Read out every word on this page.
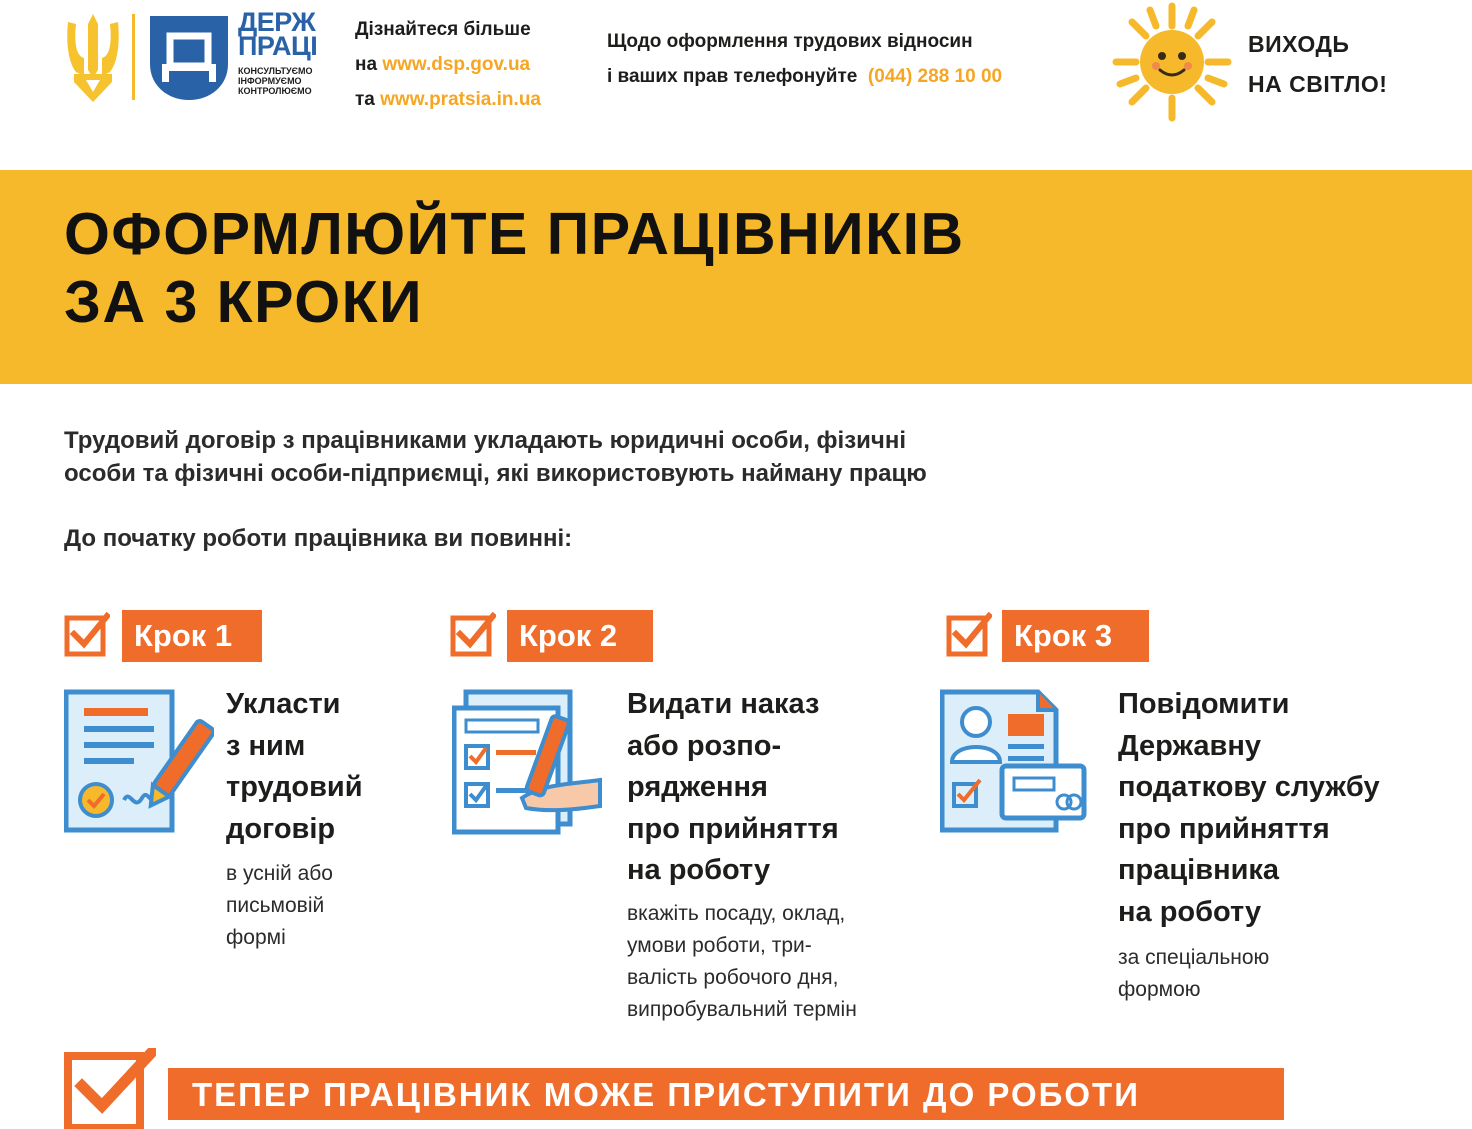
ДЕРЖ
ПРАЦІ
КОНСУЛЬТУЄМО
ІНФОРМУЄМО
КОНТРОЛЮЄМО
Дізнайтеся більше
на www.dsp.gov.ua
та www.pratsia.in.ua
Щодо оформлення трудових відносин
і ваших прав телефонуйте (044) 288 10 00
ВИХОДЬ
НА СВІТЛО!
ОФОРМЛЮЙТЕ ПРАЦІВНИКІВ
ЗА 3 КРОКИ
Трудовий договір з працівниками укладають юридичні особи, фізичні
особи та фізичні особи-підприємці, які використовують найману працю
До початку роботи працівника ви повинні:
Крок 1
Укласти
з ним
трудовий
договір
в усній або
письмовій
формі
Крок 2
Видати наказ
або розпо-
рядження
про прийняття
на роботу
вкажіть посаду, оклад,
умови роботи, три-
валість робочого дня,
випробувальний термін
Крок 3
Повідомити
Державну
податкову службу
про прийняття
працівника
на роботу
за спеціальною
формою
ТЕПЕР ПРАЦІВНИК МОЖЕ ПРИСТУПИТИ ДО РОБОТИ
